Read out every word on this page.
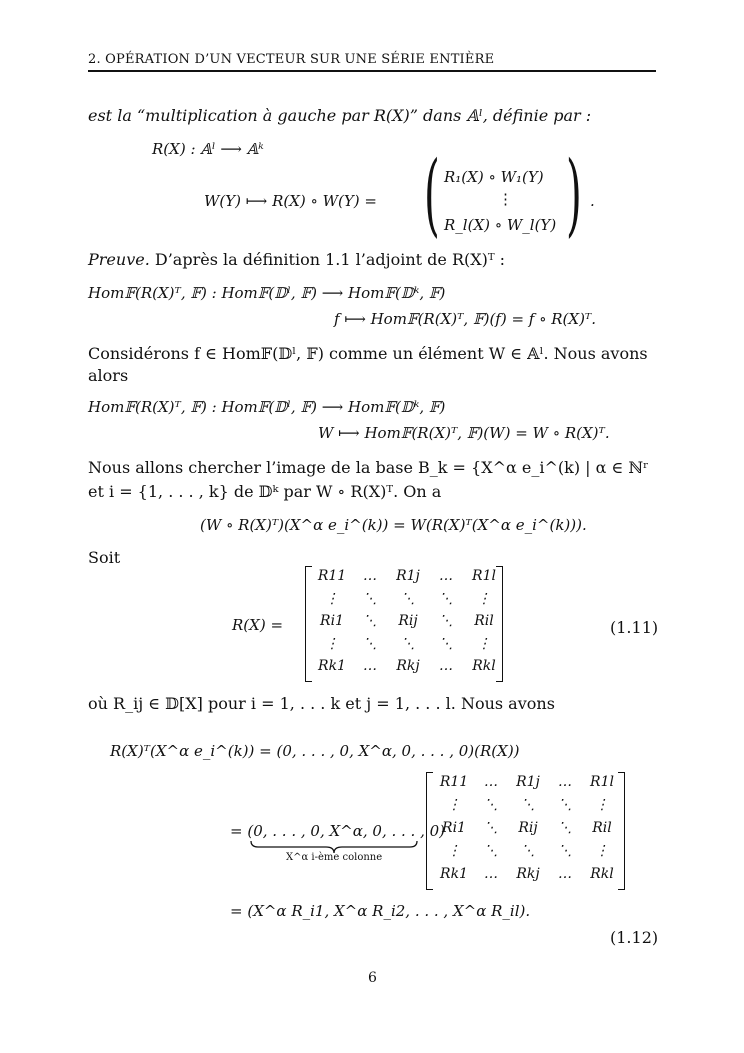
2. OPÉRATION D’UN VECTEUR SUR UNE SÉRIE ENTIÈRE
est la “multiplication à gauche par R(X)” dans 𝔸ˡ, définie par :
R(X) : 𝔸ˡ ⟶ 𝔸ᵏ
W(Y) ⟼ R(X) ∘ W(Y) = ( R₁(X) ∘ W₁(Y)
⋮
R_l(X) ∘ W_l(Y) ) .
Preuve. D’après la définition 1.1 l’adjoint de R(X)ᵀ :
Hom𝔽(R(X)ᵀ, 𝔽) : Hom𝔽(𝔻ˡ, 𝔽) ⟶ Hom𝔽(𝔻ᵏ, 𝔽)
f ⟼ Hom𝔽(R(X)ᵀ, 𝔽)(f) = f ∘ R(X)ᵀ.
Considérons f ∈ Hom𝔽(𝔻ˡ, 𝔽) comme un élément W ∈ 𝔸ˡ. Nous avons
alors
Hom𝔽(R(X)ᵀ, 𝔽) : Hom𝔽(𝔻ˡ, 𝔽) ⟶ Hom𝔽(𝔻ᵏ, 𝔽)
W ⟼ Hom𝔽(R(X)ᵀ, 𝔽)(W) = W ∘ R(X)ᵀ.
Nous allons chercher l’image de la base B_k = {X^α e_i^(k) | α ∈ ℕʳ
et i = {1, . . . , k} de 𝔻ᵏ par W ∘ R(X)ᵀ. On a
(W ∘ R(X)ᵀ)(X^α e_i^(k)) = W(R(X)ᵀ(X^α e_i^(k))).
Soit
R(X) =
R11	…	R1j	…	R1l
⋮	⋱	⋱	⋱	⋮
Ri1	⋱	Rij	⋱	Ril
⋮	⋱	⋱	⋱	⋮
Rk1	…	Rkj	…	Rkl
(1.11)
où R_ij ∈ 𝔻[X] pour i = 1, . . . k et j = 1, . . . l. Nous avons
R(X)ᵀ(X^α e_i^(k)) = (0, . . . , 0, X^α, 0, . . . , 0)(R(X))
= (0, . . . , 0, X^α, 0, . . . , 0)
X^α i-ème colonne
R11	…	R1j	…	R1l
⋮	⋱	⋱	⋱	⋮
Ri1	⋱	Rij	⋱	Ril
⋮	⋱	⋱	⋱	⋮
Rk1	…	Rkj	…	Rkl
= (X^α R_i1, X^α R_i2, . . . , X^α R_il).
(1.12)
6
